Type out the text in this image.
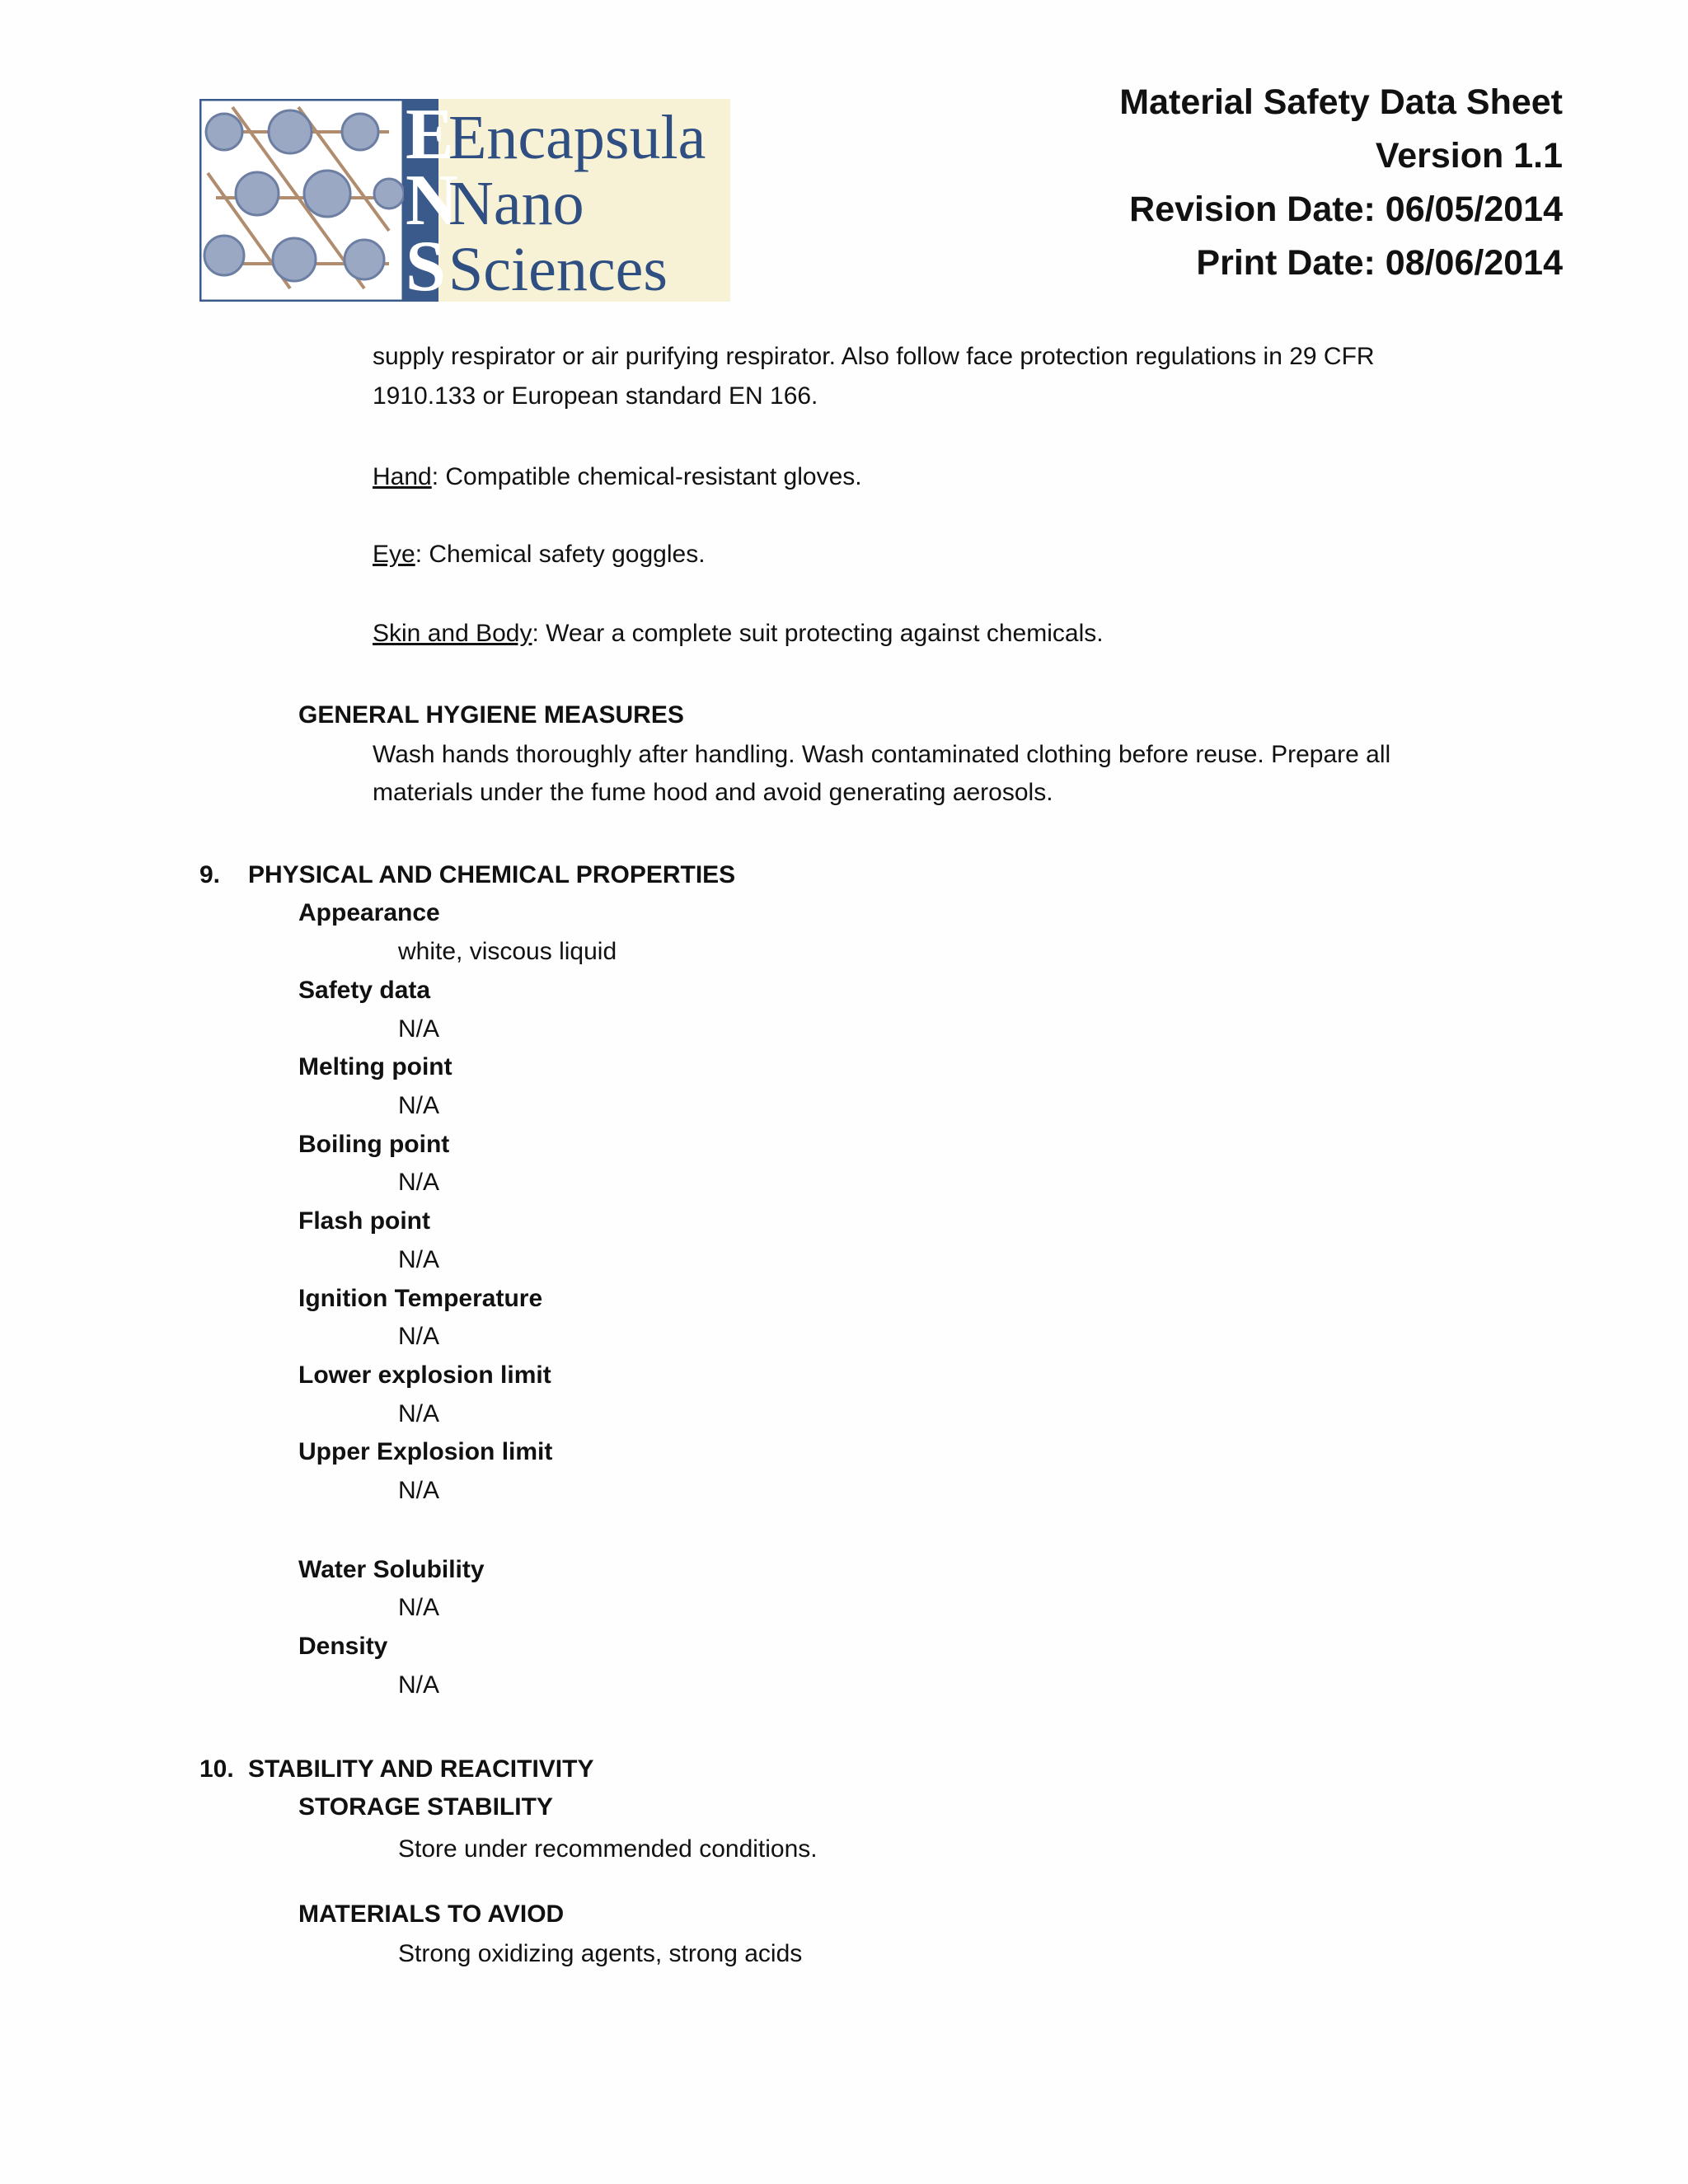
E
N
S
Encapsula
Nano
Sciences
Material Safety Data Sheet
Version 1.1
Revision Date: 06/05/2014
Print Date: 08/06/2014
supply respirator or air purifying respirator. Also follow face protection regulations in 29 CFR
1910.133 or European standard EN 166.
Hand: Compatible chemical-resistant gloves.
Eye: Chemical safety goggles.
Skin and Body: Wear a complete suit protecting against chemicals.
GENERAL HYGIENE MEASURES
Wash hands thoroughly after handling. Wash contaminated clothing before reuse. Prepare all
materials under the fume hood and avoid generating aerosols.
9. PHYSICAL AND CHEMICAL PROPERTIES
Appearance
white, viscous liquid
Safety data
N/A
Melting point
N/A
Boiling point
N/A
Flash point
N/A
Ignition Temperature
N/A
Lower explosion limit
N/A
Upper Explosion limit
N/A
Water Solubility
N/A
Density
N/A
10. STABILITY AND REACITIVITY
STORAGE STABILITY
Store under recommended conditions.
MATERIALS TO AVIOD
Strong oxidizing agents, strong acids
